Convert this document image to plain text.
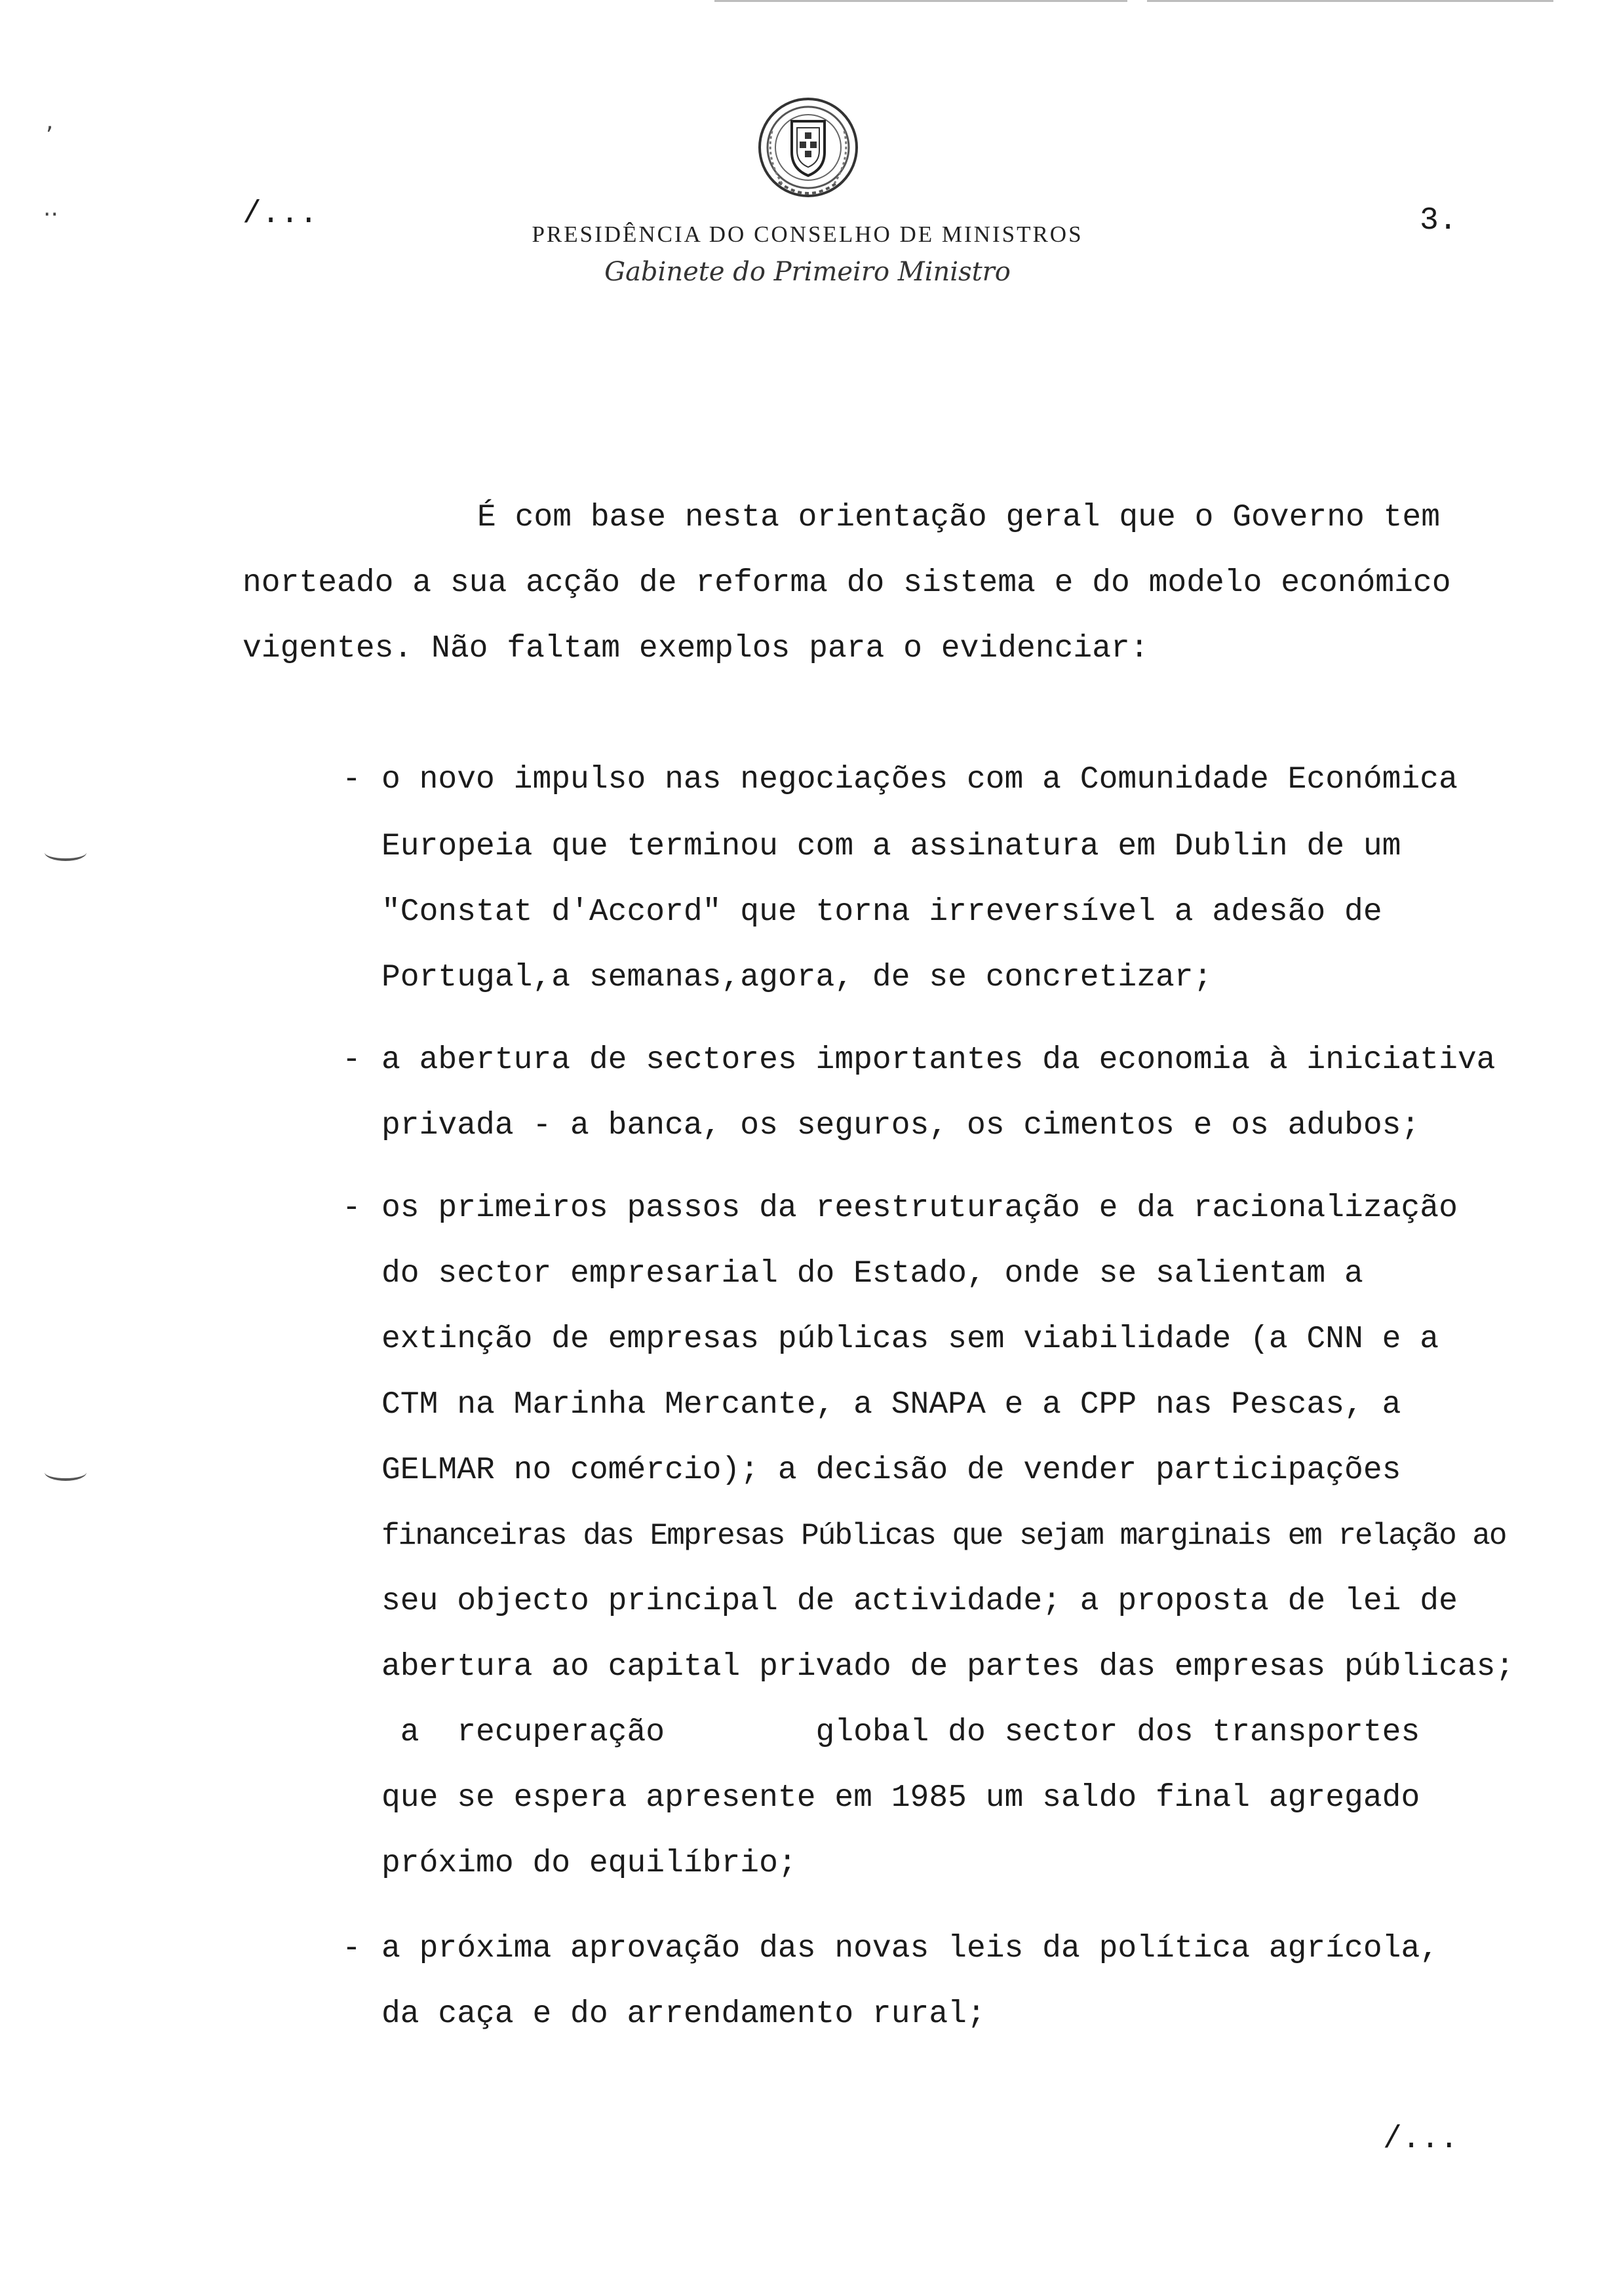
,
..	/...
PRESIDÊNCIA DO CONSELHO DE MINISTROS
Gabinete do Primeiro Ministro
3.
É com base nesta orientação geral que o Governo tem
norteado a sua acção de reforma do sistema e do modelo económico
vigentes. Não faltam exemplos para o evidenciar:
- o novo impulso nas negociações com a Comunidade Económica
Europeia que terminou com a assinatura em Dublin de um
"Constat d'Accord" que torna irreversível a adesão de
Portugal,a semanas,agora, de se concretizar;
- a abertura de sectores importantes da economia à iniciativa
privada - a banca, os seguros, os cimentos e os adubos;
- os primeiros passos da reestruturação e da racionalização
do sector empresarial do Estado, onde se salientam a
extinção de empresas públicas sem viabilidade (a CNN e a
CTM na Marinha Mercante, a SNAPA e a CPP nas Pescas, a
GELMAR no comércio); a decisão de vender participações
financeiras das Empresas Públicas que sejam marginais em relação ao
seu objecto principal de actividade; a proposta de lei de
abertura ao capital privado de partes das empresas públicas;
a  recuperação        global do sector dos transportes
que se espera apresente em 1985 um saldo final agregado
próximo do equilíbrio;
- a próxima aprovação das novas leis da política agrícola,
da caça e do arrendamento rural;
/...
